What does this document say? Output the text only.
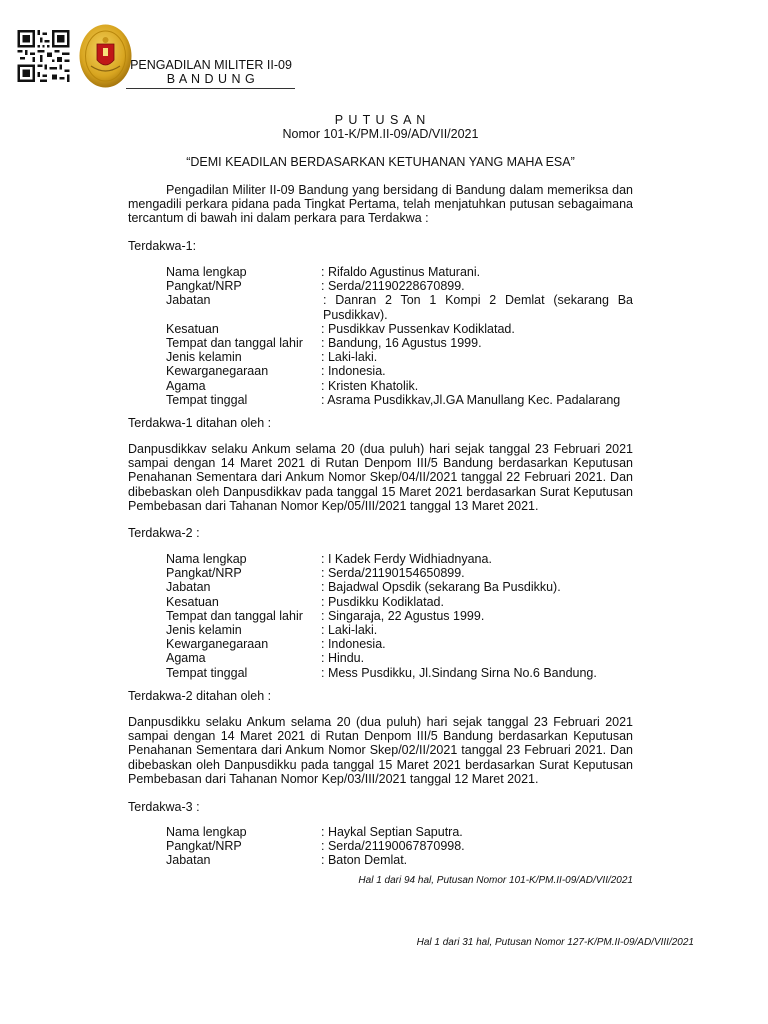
PENGADILAN MILITER II-09
B A N D U N G
P U T U S A N
Nomor 101-K/PM.II-09/AD/VII/2021
“DEMI KEADILAN BERDASARKAN KETUHANAN YANG MAHA ESA”
Pengadilan Militer II-09 Bandung yang bersidang di Bandung dalam memeriksa dan mengadili perkara pidana pada Tingkat Pertama, telah menjatuhkan putusan sebagaimana tercantum di bawah ini dalam perkara para Terdakwa :
Terdakwa-1:
Nama lengkap
Pangkat/NRP
Jabatan
Kesatuan
Tempat dan tanggal lahir
Jenis kelamin
Kewarganegaraan
Agama
Tempat tinggal
: Rifaldo Agustinus Maturani.
: Serda/21190228670899.
: Danran 2 Ton 1 Kompi 2 Demlat (sekarang Ba Pusdikkav).
: Pusdikkav Pussenkav Kodiklatad.
: Bandung, 16 Agustus 1999.
: Laki-laki.
: Indonesia.
: Kristen Khatolik.
: Asrama Pusdikkav,Jl.GA Manullang Kec. Padalarang
Terdakwa-1 ditahan oleh :
Danpusdikkav selaku Ankum selama 20 (dua puluh) hari sejak tanggal 23 Februari 2021 sampai dengan 14 Maret 2021 di Rutan Denpom III/5 Bandung berdasarkan Keputusan Penahanan Sementara dari Ankum Nomor Skep/04/II/2021 tanggal 22 Februari 2021. Dan dibebaskan oleh Danpusdikkav pada tanggal 15 Maret 2021 berdasarkan Surat Keputusan Pembebasan dari Tahanan Nomor Kep/05/III/2021 tanggal 13 Maret 2021.
Terdakwa-2 :
Nama lengkap
Pangkat/NRP
Jabatan
Kesatuan
Tempat dan tanggal lahir
Jenis kelamin
Kewarganegaraan
Agama
Tempat tinggal
: I Kadek Ferdy Widhiadnyana.
: Serda/21190154650899.
: Bajadwal Opsdik (sekarang Ba Pusdikku).
: Pusdikku Kodiklatad.
: Singaraja, 22 Agustus 1999.
: Laki-laki.
: Indonesia.
: Hindu.
: Mess Pusdikku, Jl.Sindang Sirna No.6 Bandung.
Terdakwa-2 ditahan oleh :
Danpusdikku selaku Ankum selama 20 (dua puluh) hari sejak tanggal 23 Februari 2021 sampai dengan 14 Maret 2021 di Rutan Denpom III/5 Bandung berdasarkan Keputusan Penahanan Sementara dari Ankum Nomor Skep/02/II/2021 tanggal 23 Februari 2021. Dan dibebaskan oleh Danpusdikku pada tanggal 15 Maret 2021 berdasarkan Surat Keputusan Pembebasan dari Tahanan Nomor Kep/03/III/2021 tanggal 12 Maret 2021.
Terdakwa-3 :
Nama lengkap
Pangkat/NRP
Jabatan
: Haykal Septian Saputra.
: Serda/21190067870998.
: Baton Demlat.
Hal 1 dari 94 hal, Putusan Nomor 101-K/PM.II-09/AD/VII/2021
Hal 1 dari 31 hal, Putusan Nomor 127-K/PM.II-09/AD/VIII/2021
